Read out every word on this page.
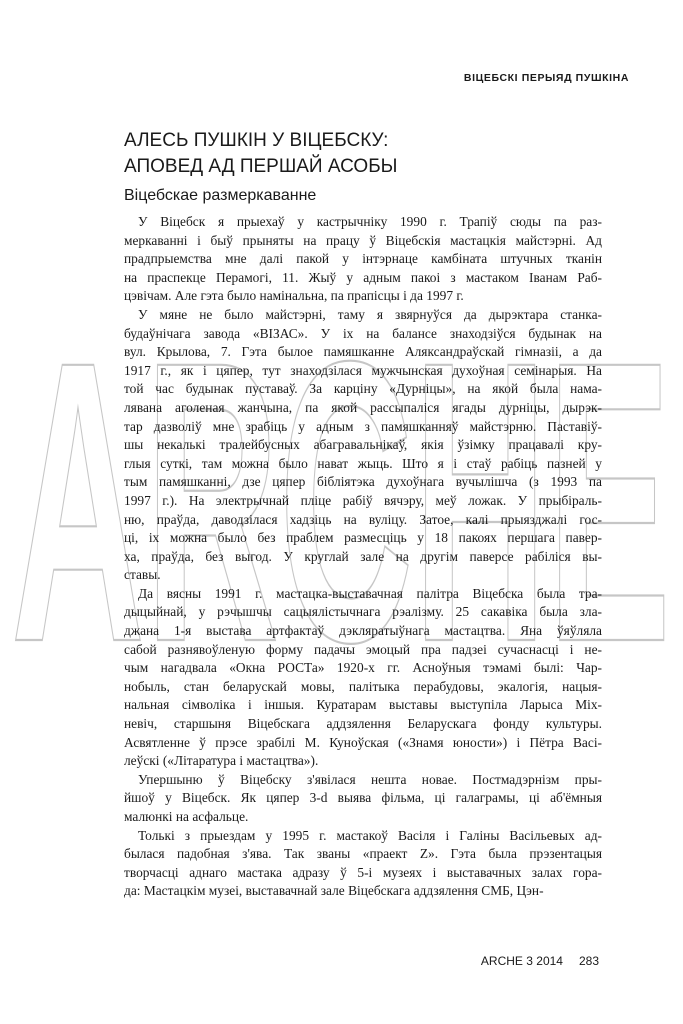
ARCHE
ВІЦЕБСКІ ПЕРЫЯД ПУШКІНА
АЛЕСЬ ПУШКІН У ВІЦЕБСКУ:
АПОВЕД АД ПЕРШАЙ АСОБЫ
Віцебскае размеркаванне

У Віцебск я прыехаў у кастрычніку 1990 г. Трапіў сюды па раз-
меркаванні і быў прыняты на працу ў Віцебскія мастацкія майстэрні. Ад
прадпрыемства мне далі пакой у інтэрнаце камбіната штучных тканін
на праспекце Перамогі, 11. Жыў у адным пакоі з мастаком Іванам Раб-
цэвічам. Але гэта было намінальна, па прапісцы і да 1997 г.

У мяне не было майстэрні, таму я звярнуўся да дырэктара станка-
будаўнічага завода «ВІЗАС». У іх на балансе знаходзіўся будынак на
вул. Крылова, 7. Гэта былое памяшканне Аляксандраўскай гімназіі, а да
1917 г., як і цяпер, тут знаходзілася мужчынская духоўная семінарыя. На
той час будынак пуставаў. За карціну «Дурніцы», на якой была нама-
лявана аголеная жанчына, па якой рассыпаліся ягады дурніцы, дырэк-
тар дазволіў мне зрабіць у адным з памяшканняў майстэрню. Паставіў-
шы некалькі тралейбусных абагравальнікаў, якія ўзімку працавалі кру-
глыя суткі, там можна было нават жыць. Што я і стаў рабіць пазней у
тым памяшканні, дзе цяпер бібліятэка духоўнага вучылішча (з 1993 па
1997 г.). На электрычнай пліце рабіў вячэру, меў ложак. У прыбіраль-
ню, праўда, даводзілася хадзіць на вуліцу. Затое, калі прыязджалі гос-
ці, іх можна было без праблем размесціць у 18 пакоях першага павер-
ха, праўда, без выгод. У круглай зале на другім паверсе рабіліся вы-
ставы.

Да вясны 1991 г. мастацка-выставачная палітра Віцебска была тра-
дыцыйнай, у рэчышчы сацыялістычнага рэалізму. 25 сакавіка была зла-
джана 1-я выстава артфактаў дэкляратыўнага мастацтва. Яна ўяўляла
сабой разнявоўленую форму падачы эмоцый пра падзеі сучаснасці і не-
чым нагадвала «Окна РОСТа» 1920-х гг. Асноўныя тэмамі былі: Чар-
нобыль, стан беларускай мовы, палітыка перабудовы, экалогія, нацыя-
нальная сімволіка і іншыя. Куратарам выставы выступіла Ларыса Міх-
невіч, старшыня Віцебскага аддзялення Беларускага фонду культуры.
Асвятленне ў прэсе зрабілі М. Куноўская («Знамя юности») і Пётра Васі-
леўскі («Літаратура і мастацтва»).

Упершыню ў Віцебску з'явілася нешта новае. Постмадэрнізм пры-
йшоў у Віцебск. Як цяпер 3-d выява фільма, ці галаграмы, ці аб'ёмныя
малюнкі на асфальце.

Толькі з прыездам у 1995 г. мастакоў Васіля і Галіны Васільевых ад-
былася падобная з'ява. Так званы «праект Z». Гэта была прэзентацыя
творчасці аднаго мастака адразу ў 5-і музеях і выставачных залах гора-
да: Мастацкім музеі, выставачнай зале Віцебскага аддзялення СМБ, Цэн-

ARCHE 3 2014 283
